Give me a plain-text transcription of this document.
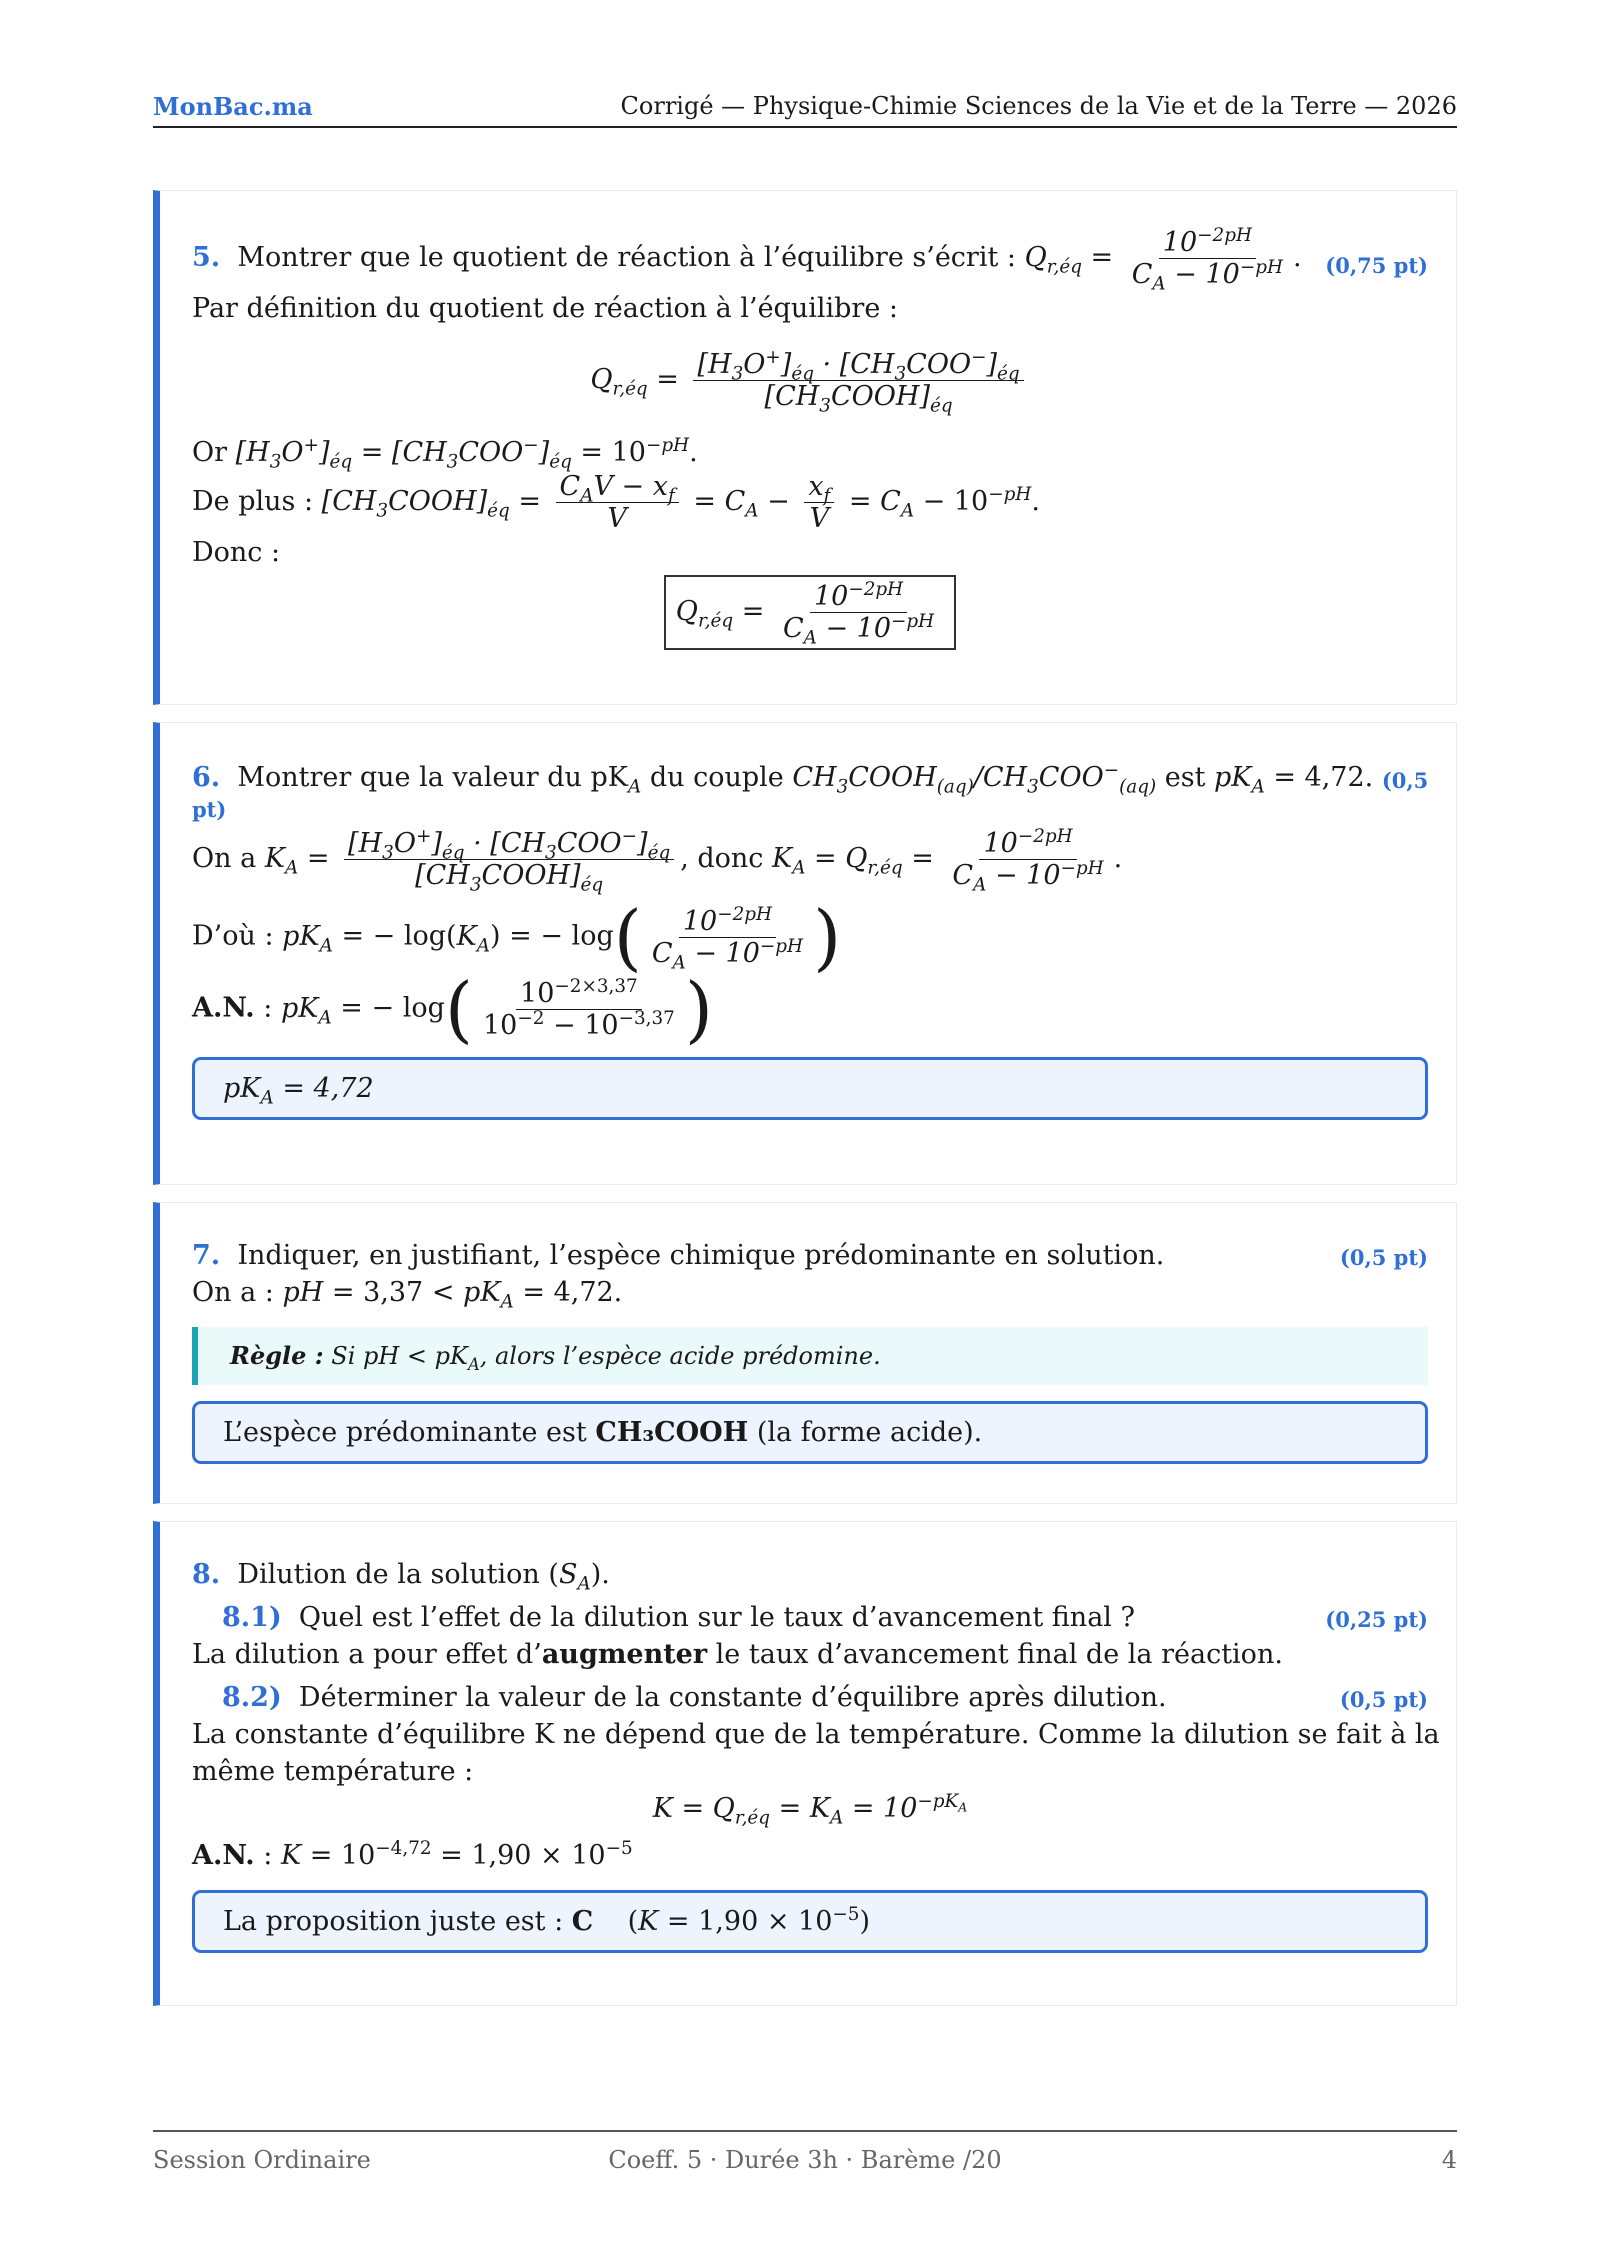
MonBac.ma	Corrigé — Physique-Chimie Sciences de la Vie et de la Terre — 2026
5. Montrer que le quotient de réaction à l’équilibre s’écrit : $Q_{r,éq} = \frac{10^{-2pH}}{C_A - 10^{-pH}}$ . (0,75 pt)
Par définition du quotient de réaction à l’équilibre :
$Q_{r,éq} = \frac{[H_3O^+]_{éq} \cdot [CH_3COO^-]_{éq}}{[CH_3COOH]_{éq}}$
Or $[H_3O^+]_{éq} = [CH_3COO^-]_{éq} = 10^{-pH}$.
De plus : $[CH_3COOH]_{éq} = \frac{C_AV - x_f}{V} = C_A - \frac{x_f}{V} = C_A - 10^{-pH}$.
Donc :
$Q_{r,éq} = \frac{10^{-2pH}}{C_A - 10^{-pH}}$
6. Montrer que la valeur du $pK_A$ du couple $CH_3COOH_{(aq)}/CH_3COO^-_{(aq)}$ est $pK_A = 4,72$. (0,5
pt)
On a $K_A = \frac{[H_3O^+]_{éq} \cdot [CH_3COO^-]_{éq}}{[CH_3COOH]_{éq}}$ , donc $K_A = Q_{r,éq} = \frac{10^{-2pH}}{C_A - 10^{-pH}}$ .
D’où : $pK_A$ = − $\log(K_A)$ = − $\log( \frac{10^{-2pH}}{C_A - 10^{-pH}}$ )
A.N. : $pK_A$ = − $\log( \frac{10^{-2\times 3,37}}{10^{-2} - 10^{-3,37}}$ )
$pK_A = 4,72$
7. Indiquer, en justifiant, l’espèce chimique prédominante en solution.	(0,5 pt)
On a : pH = $3,37 < pK_A = 4,72$.
Règle : Si pH < $pK_A$, alors l’espèce acide prédomine.
L’espèce prédominante est CH₃COOH (la forme acide).
8. Dilution de la solution $(S_A)$.
8.1) Quel est l’effet de la dilution sur le taux d’avancement final ?	(0,25 pt)
La dilution a pour effet d’augmenter le taux d’avancement final de la réaction.
8.2) Déterminer la valeur de la constante d’équilibre après dilution.	(0,5 pt)
La constante d’équilibre K ne dépend que de la température. Comme la dilution se fait à la
même température :
$K = Q_{r,éq} = K_A = 10^{-pK_A}$
A.N. : $K = 10^{-4,72} = 1,90 \times 10^{-5}$
La proposition juste est : C    $(K = 1,90 \times 10^{-5})$
Session Ordinaire	Coeff. 5 · Durée 3h · Barème /20	4
